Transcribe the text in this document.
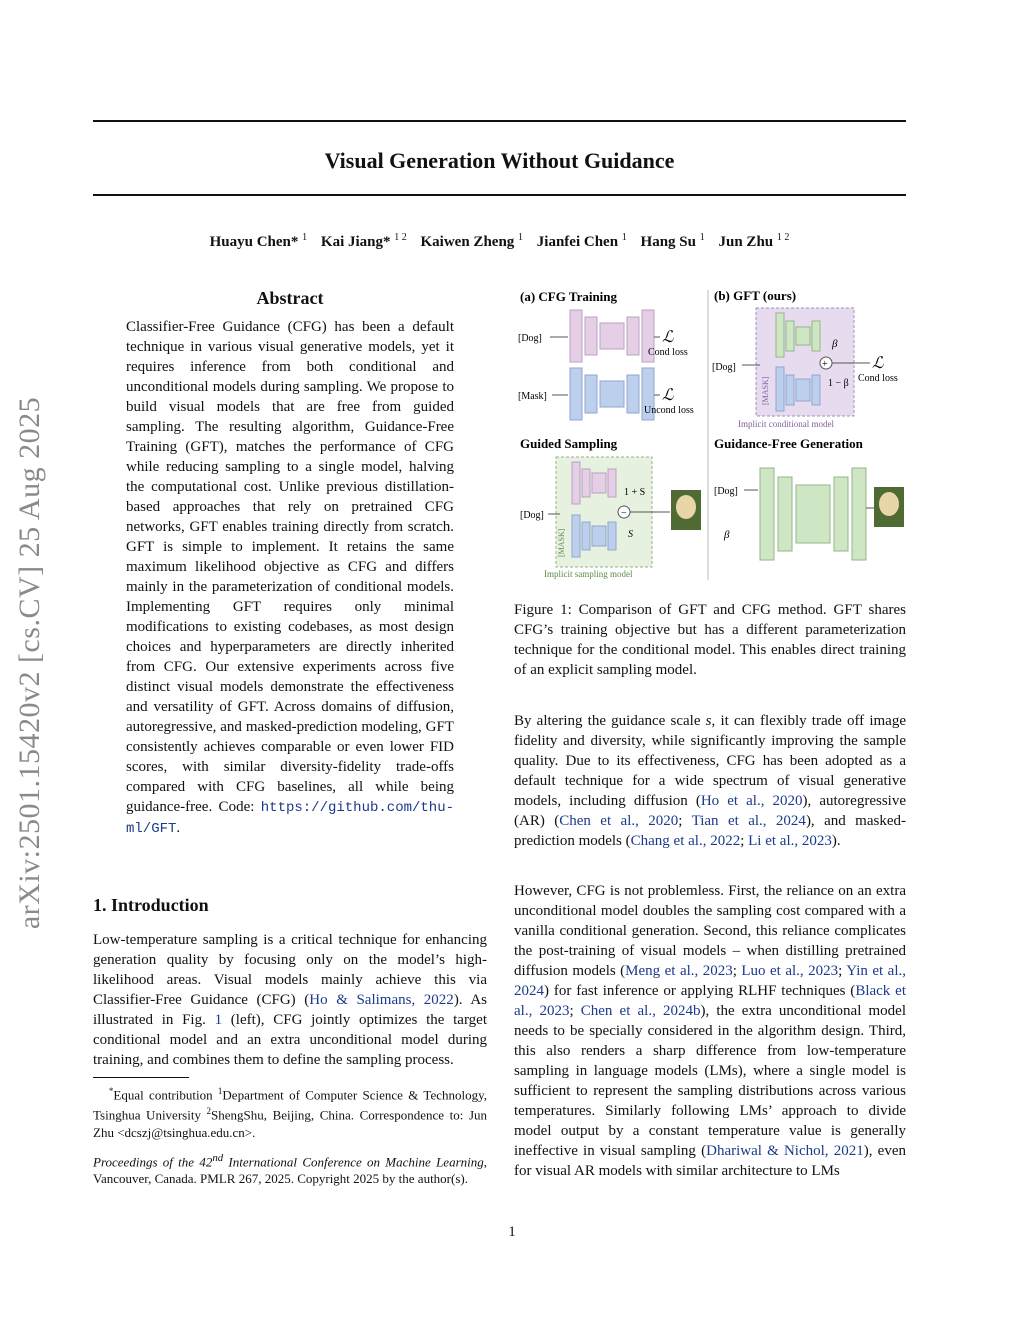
arXiv:2501.15420v2 [cs.CV] 25 Aug 2025
Visual Generation Without Guidance
Huayu Chen* $^1$ Kai Jiang* $^{1 2}$ Kaiwen Zheng $^1$ Jianfei Chen $^1$ Hang Su $^1$ Jun Zhu $^{1 2}$
Abstract
Classifier-Free Guidance (CFG) has been a default technique in various visual generative models, yet it requires inference from both conditional and unconditional models during sampling. We propose to build visual models that are free from guided sampling. The resulting algorithm, Guidance-Free Training (GFT), matches the performance of CFG while reducing sampling to a single model, halving the computational cost. Unlike previous distillation-based approaches that rely on pretrained CFG networks, GFT enables training directly from scratch. GFT is simple to implement. It retains the same maximum likelihood objective as CFG and differs mainly in the parameterization of conditional models. Implementing GFT requires only minimal modifications to existing codebases, as most design choices and hyperparameters are directly inherited from CFG. Our extensive experiments across five distinct visual models demonstrate the effectiveness and versatility of GFT. Across domains of diffusion, autoregressive, and masked-prediction modeling, GFT consistently achieves comparable or even lower FID scores, with similar diversity-fidelity trade-offs compared with CFG baselines, all while being guidance-free. Code: https://github.com/thu-ml/GFT.
1. Introduction
Low-temperature sampling is a critical technique for enhancing generation quality by focusing only on the model’s high-likelihood areas. Visual models mainly achieve this via Classifier-Free Guidance (CFG) (Ho & Salimans, 2022). As illustrated in Fig. 1 (left), CFG jointly optimizes the target conditional model and an extra unconditional model during training, and combines them to define the sampling process.
*Equal contribution $^1$Department of Computer Science & Technology, Tsinghua University $^2$ShengShu, Beijing, China. Correspondence to: Jun Zhu <dcszj@tsinghua.edu.cn>.
Proceedings of the 42nd International Conference on Machine Learning, Vancouver, Canada. PMLR 267, 2025. Copyright 2025 by the author(s).
(a) CFG Training
[Dog]	ℒ
Cond loss
[Mask]	ℒ
Uncond loss
(b) GFT (ours)
[Dog]
[MASK]
+
β
1 − β
ℒ
Cond loss
Implicit conditional model
Guided Sampling
[Dog]
[MASK]
−
1 + S
S
Implicit sampling model
Guidance-Free Generation
[Dog]
β
Figure 1: Comparison of GFT and CFG method. GFT shares CFG’s training objective but has a different parameterization technique for the conditional model. This enables direct training of an explicit sampling model.
By altering the guidance scale s, it can flexibly trade off image fidelity and diversity, while significantly improving the sample quality. Due to its effectiveness, CFG has been adopted as a default technique for a wide spectrum of visual generative models, including diffusion (Ho et al., 2020), autoregressive (AR) (Chen et al., 2020; Tian et al., 2024), and masked-prediction models (Chang et al., 2022; Li et al., 2023).
However, CFG is not problemless. First, the reliance on an extra unconditional model doubles the sampling cost compared with a vanilla conditional generation. Second, this reliance complicates the post-training of visual models – when distilling pretrained diffusion models (Meng et al., 2023; Luo et al., 2023; Yin et al., 2024) for fast inference or applying RLHF techniques (Black et al., 2023; Chen et al., 2024b), the extra unconditional model needs to be specially considered in the algorithm design. Third, this also renders a sharp difference from low-temperature sampling in language models (LMs), where a single model is sufficient to represent the sampling distributions across various temperatures. Similarly following LMs’ approach to divide model output by a constant temperature value is generally ineffective in visual sampling (Dhariwal & Nichol, 2021), even for visual AR models with similar architecture to LMs
1
